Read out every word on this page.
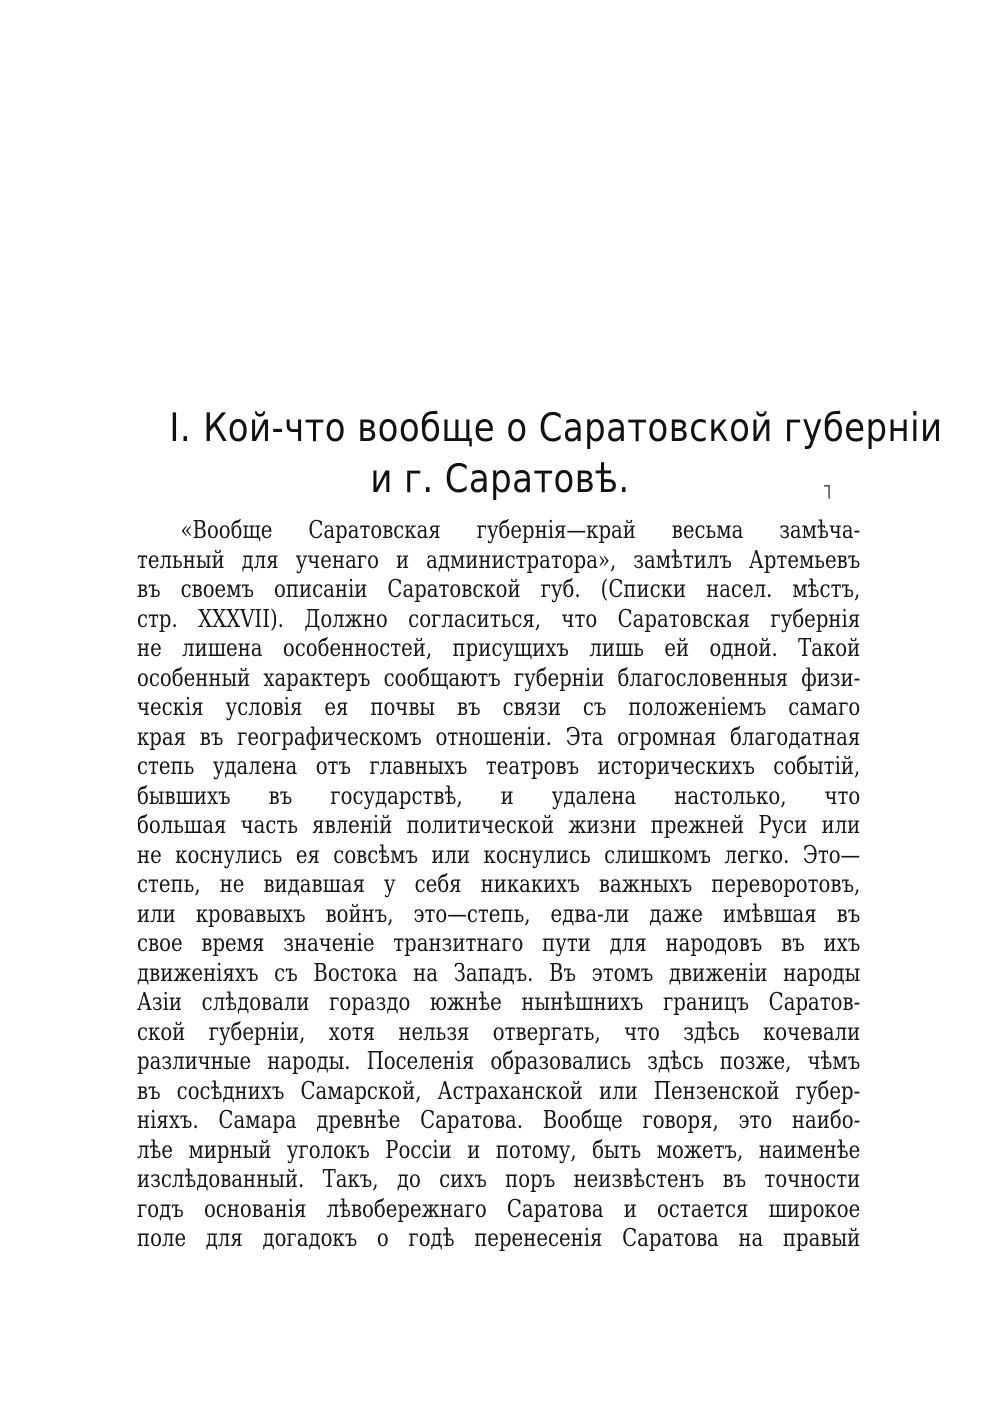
I. Кой-что вообще о Саратовской губерніи
и г. Саратовѣ.	˥
«Вообще Саратовская губернія—край весьма замѣча-
тельный для ученаго и администратора», замѣтилъ Артемьевъ
въ своемъ описаніи Саратовской губ. (Списки насел. мѣстъ,
стр. XXXVII). Должно согласиться, что Саратовская губернія
не лишена особенностей, присущихъ лишь ей одной. Такой
особенный характеръ сообщаютъ губерніи благословенныя физи-
ческія условія ея почвы въ связи съ положеніемъ самаго
края въ географическомъ отношеніи. Эта огромная благодатная
степь удалена отъ главныхъ театровъ историческихъ событій,
бывшихъ въ государствѣ, и удалена настолько, что
большая часть явленій политической жизни прежней Руси или
не коснулись ея совсѣмъ или коснулись слишкомъ легко. Это—
степь, не видавшая у себя никакихъ важныхъ переворотовъ,
или кровавыхъ войнъ, это—степь, едва-ли даже имѣвшая въ
свое время значеніе транзитнаго пути для народовъ въ ихъ
движеніяхъ съ Востока на Западъ. Въ этомъ движеніи народы
Азіи слѣдовали гораздо южнѣе нынѣшнихъ границъ Саратов-
ской губерніи, хотя нельзя отвергать, что здѣсь кочевали
различные народы. Поселенія образовались здѣсь позже, чѣмъ
въ сосѣднихъ Самарской, Астраханской или Пензенской губер-
ніяхъ. Самара древнѣе Саратова. Вообще говоря, это наибо-
лѣе мирный уголокъ Россіи и потому, быть можетъ, наименѣе
изслѣдованный. Такъ, до сихъ поръ неизвѣстенъ въ точности
годъ основанія лѣвобережнаго Саратова и остается широкое
поле для догадокъ о годѣ перенесенія Саратова на правый
